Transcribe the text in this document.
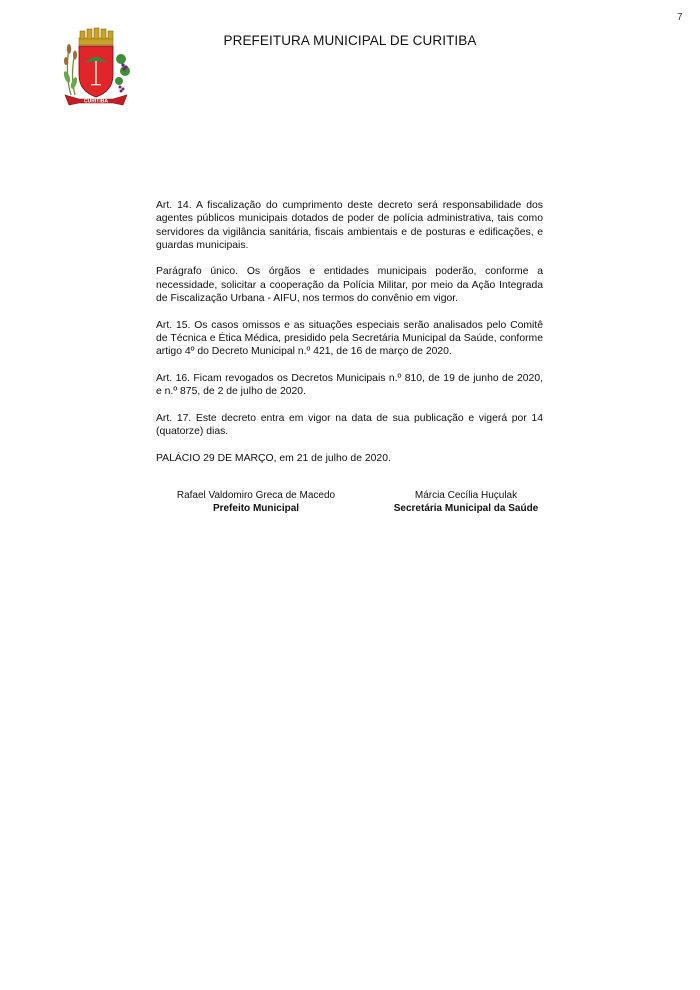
7
CURITIBA
PREFEITURA MUNICIPAL DE CURITIBA

Art. 14. A fiscalização do cumprimento deste decreto será responsabilidade dos agentes públicos municipais dotados de poder de polícia administrativa, tais como servidores da vigilância sanitária, fiscais ambientais e de posturas e edificações, e guardas municipais.

Parágrafo único. Os órgãos e entidades municipais poderão, conforme a necessidade, solicitar a cooperação da Polícia Militar, por meio da Ação Integrada de Fiscalização Urbana - AIFU, nos termos do convênio em vigor.

Art. 15. Os casos omissos e as situações especiais serão analisados pelo Comitê de Técnica e Ética Médica, presidido pela Secretária Municipal da Saúde, conforme artigo 4º do Decreto Municipal n.º 421, de 16 de março de 2020.

Art. 16. Ficam revogados os Decretos Municipais n.º 810, de 19 de junho de 2020, e n.º 875, de 2 de julho de 2020.

Art. 17. Este decreto entra em vigor na data de sua publicação e vigerá por 14 (quatorze) dias.

PALÁCIO 29 DE MARÇO, em 21 de julho de 2020.

Rafael Valdomiro Greca de Macedo
Prefeito Municipal
Márcia Cecília Huçulak
Secretária Municipal da Saúde
